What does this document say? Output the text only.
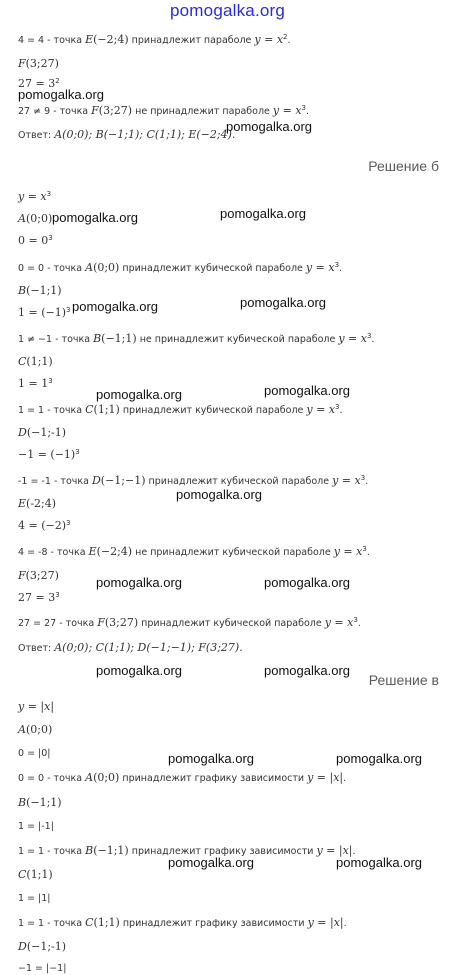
pomogalka.org
4 = 4 - точка E(−2;4) принадлежит параболе $y = x^2$.
F(3;27)
$27 = 3^2$
27 ≠ 9 - точка F(3;27) не принадлежит параболе $y = x^3$.
Ответ: A(0;0); B(−1;1); C(1;1); E(−2;4).
Решение б
$y = x^3$
A(0;0)
$0 = 0^3$
0 = 0 - точка A(0;0) принадлежит кубической параболе $y = x^3$.
B(−1;1)
$1 = (-1)^3$
1 ≠ −1 - точка B(−1;1) не принадлежит кубической параболе $y = x^3$.
C(1;1)
$1 = 1^3$
1 = 1 - точка C(1;1) принадлежит кубической параболе $y = x^3$.
D(−1;-1)
$-1 = (-1)^3$
-1 = -1 - точка D(−1;−1) принадлежит кубической параболе $y = x^3$.
E(-2;4)
$4 = (-2)^3$
4 = -8 - точка E(−2;4) не принадлежит кубической параболе $y = x^3$.
F(3;27)
$27 = 3^3$
27 = 27 - точка F(3;27) принадлежит кубической параболе $y = x^3$.
Ответ: A(0;0); C(1;1); D(−1;−1); F(3;27).
Решение в
y = |x|
A(0;0)
0 = |0|
0 = 0 - точка A(0;0) принадлежит графику зависимости y = |x|.
B(−1;1)
1 = |-1|
1 = 1 - точка B(−1;1) принадлежит графику зависимости y = |x|.
C(1;1)
1 = |1|
1 = 1 - точка C(1;1) принадлежит графику зависимости y = |x|.
D(−1;-1)
−1 = |−1|
pomogalka.org
pomogalka.org
pomogalka.org	pomogalka.org
pomogalka.org	pomogalka.org
pomogalka.org	pomogalka.org
pomogalka.org
pomogalka.org	pomogalka.org
pomogalka.org	pomogalka.org
pomogalka.org	pomogalka.org
pomogalka.org	pomogalka.org
